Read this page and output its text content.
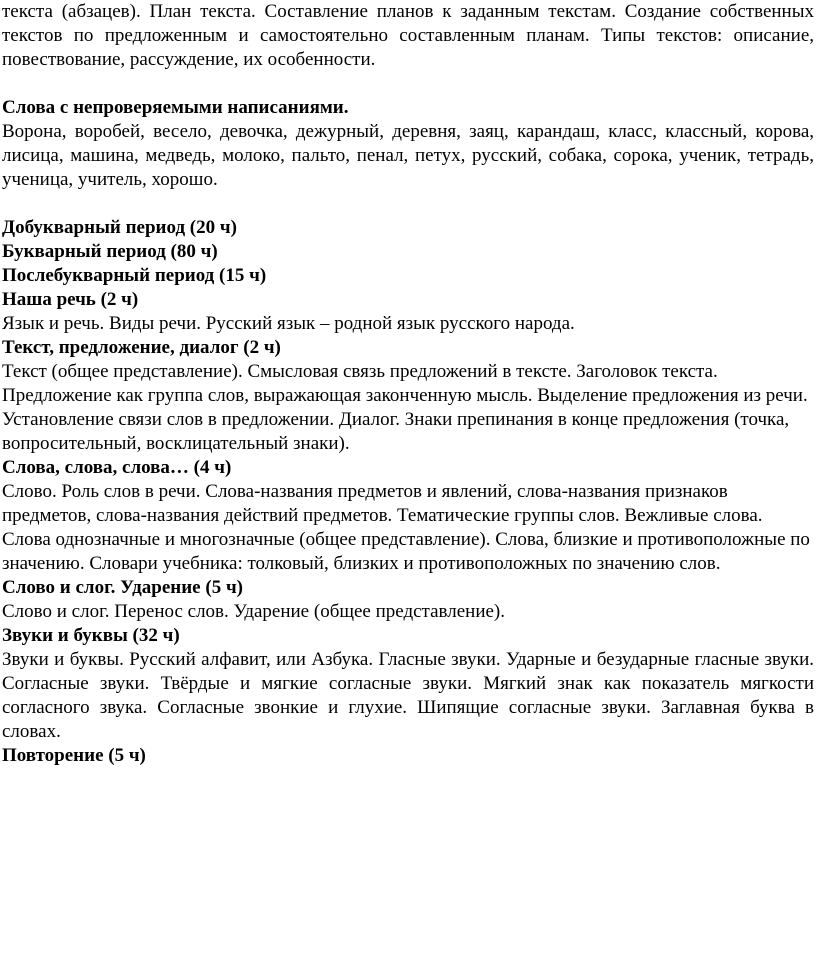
текста (абзацев). План текста. Составление планов к заданным текстам. Создание собственных текстов по предложенным и самостоятельно составленным планам. Типы текстов: описание, повествование, рассуждение, их особенности.

Слова с непроверяемыми написаниями.

Ворона, воробей, весело, девочка, дежурный, деревня, заяц, карандаш, класс, классный, корова, лисица, машина, медведь, молоко, пальто, пенал, петух, русский, собака, сорока, ученик, тетрадь, ученица, учитель, хорошо.

Добукварный период (20 ч)

Букварный период (80 ч)

Послебукварный период (15 ч)

Наша речь (2 ч)

Язык и речь. Виды речи. Русский язык – родной язык русского народа.

Текст, предложение, диалог (2 ч)

Текст (общее представление). Смысловая связь предложений в тексте. Заголовок текста. Предложение как группа слов, выражающая законченную мысль. Выделение предложения из речи. Установление связи слов в предложении. Диалог. Знаки препинания в конце предложения (точка, вопросительный, восклицательный знаки).

Слова, слова, слова… (4 ч)

Слово. Роль слов в речи. Слова-названия предметов и явлений, слова-названия признаков предметов, слова-названия действий предметов. Тематические группы слов. Вежливые слова. Слова однозначные и многозначные (общее представление). Слова, близкие и противоположные по значению. Словари учебника: толковый, близких и противоположных по значению слов.

Слово и слог. Ударение (5 ч)

Слово и слог. Перенос слов. Ударение (общее представление).

Звуки и буквы (32 ч)

Звуки и буквы. Русский алфавит, или Азбука. Гласные звуки. Ударные и безударные гласные звуки. Согласные звуки. Твёрдые и мягкие согласные звуки. Мягкий знак как показатель мягкости согласного звука. Согласные звонкие и глухие. Шипящие согласные звуки. Заглавная буква в словах.

Повторение (5 ч)
